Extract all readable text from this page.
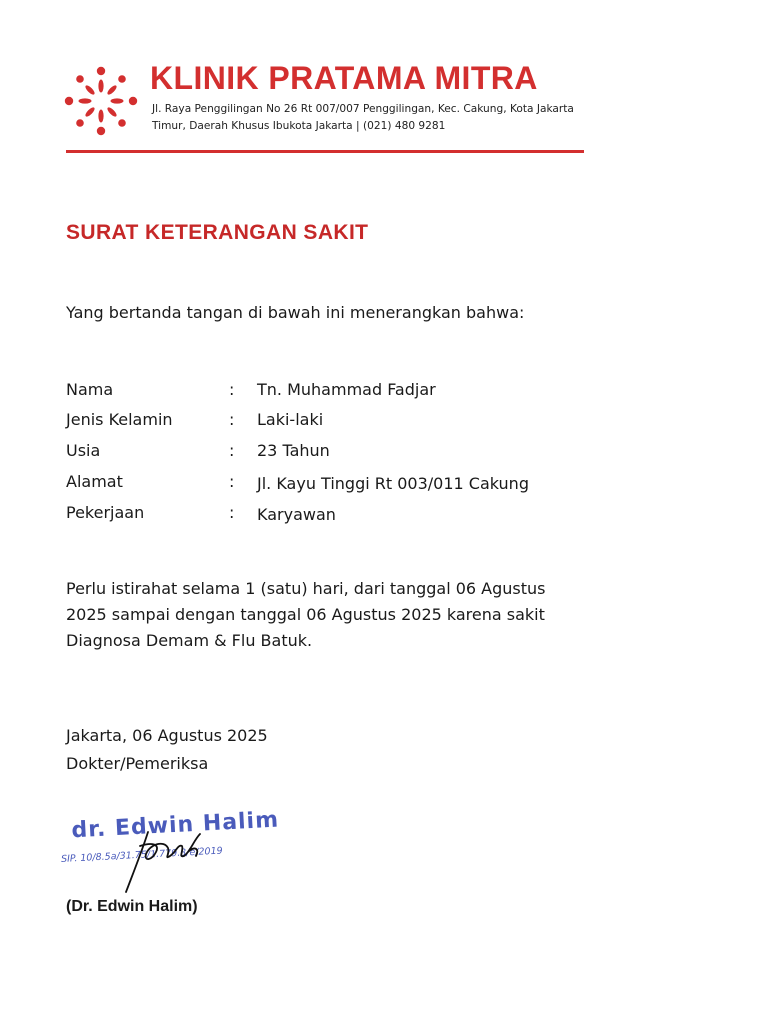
KLINIK PRATAMA MITRA
Jl. Raya Penggilingan No 26 Rt 007/007 Penggilingan, Kec. Cakung, Kota Jakarta Timur, Daerah Khusus Ibukota Jakarta | (021) 480 9281
SURAT KETERANGAN SAKIT
Yang bertanda tangan di bawah ini menerangkan bahwa:
Nama	: Tn. Muhammad Fadjar
Jenis Kelamin	: Laki-laki
Usia	: 23 Tahun
Alamat	: Jl. Kayu Tinggi Rt 003/011 Cakung
Pekerjaan	: Karyawan
Perlu istirahat selama 1 (satu) hari, dari tanggal 06 Agustus 2025 sampai dengan tanggal 06 Agustus 2025 karena sakit Diagnosa Demam & Flu Batuk.
Jakarta, 06 Agustus 2025
Dokter/Pemeriksa
dr. Edwin Halim
SIP. 10/8.5a/31.75/1.779.3/e/2019
(Dr. Edwin Halim)
